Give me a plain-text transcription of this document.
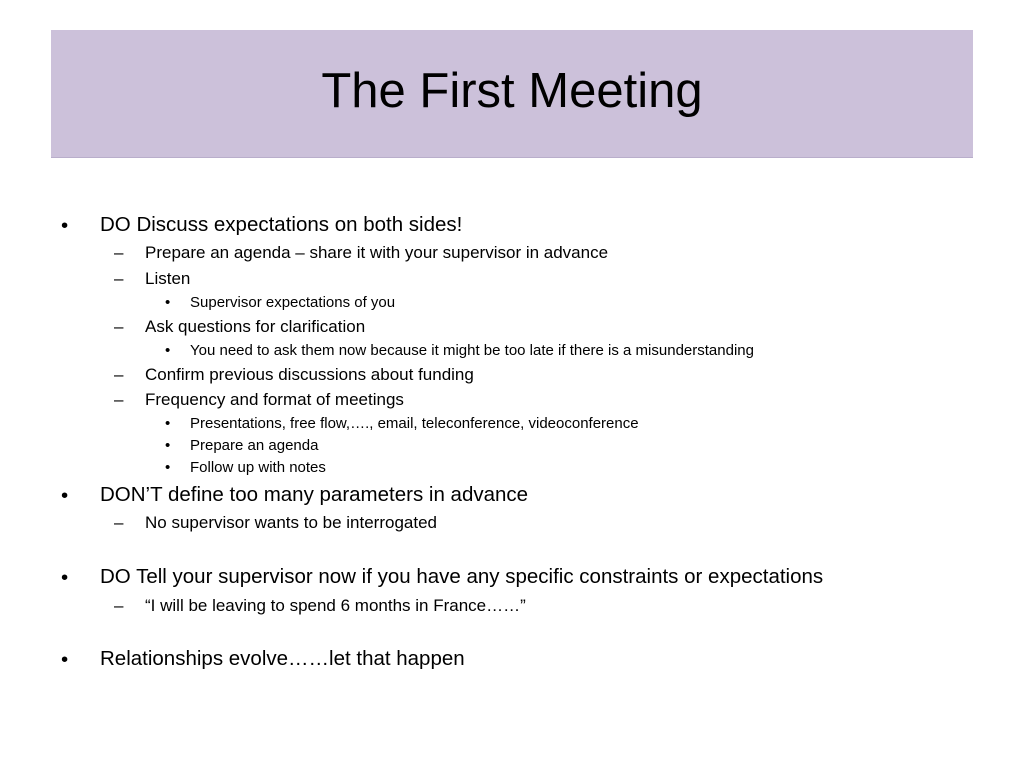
The First Meeting
• DO Discuss expectations on both sides!
– Prepare an agenda – share it with your supervisor in advance
– Listen
• Supervisor expectations of you
– Ask questions for clarification
• You need to ask them now because it might be too late if there is a misunderstanding
– Confirm previous discussions about funding
– Frequency and format of meetings
• Presentations, free flow,…., email, teleconference, videoconference
• Prepare an agenda
• Follow up with notes
• DON’T define too many parameters in advance
– No supervisor wants to be interrogated
• DO Tell your supervisor now if you have any specific constraints or expectations
– “I will be leaving to spend 6 months in France……”
• Relationships evolve……let that happen
